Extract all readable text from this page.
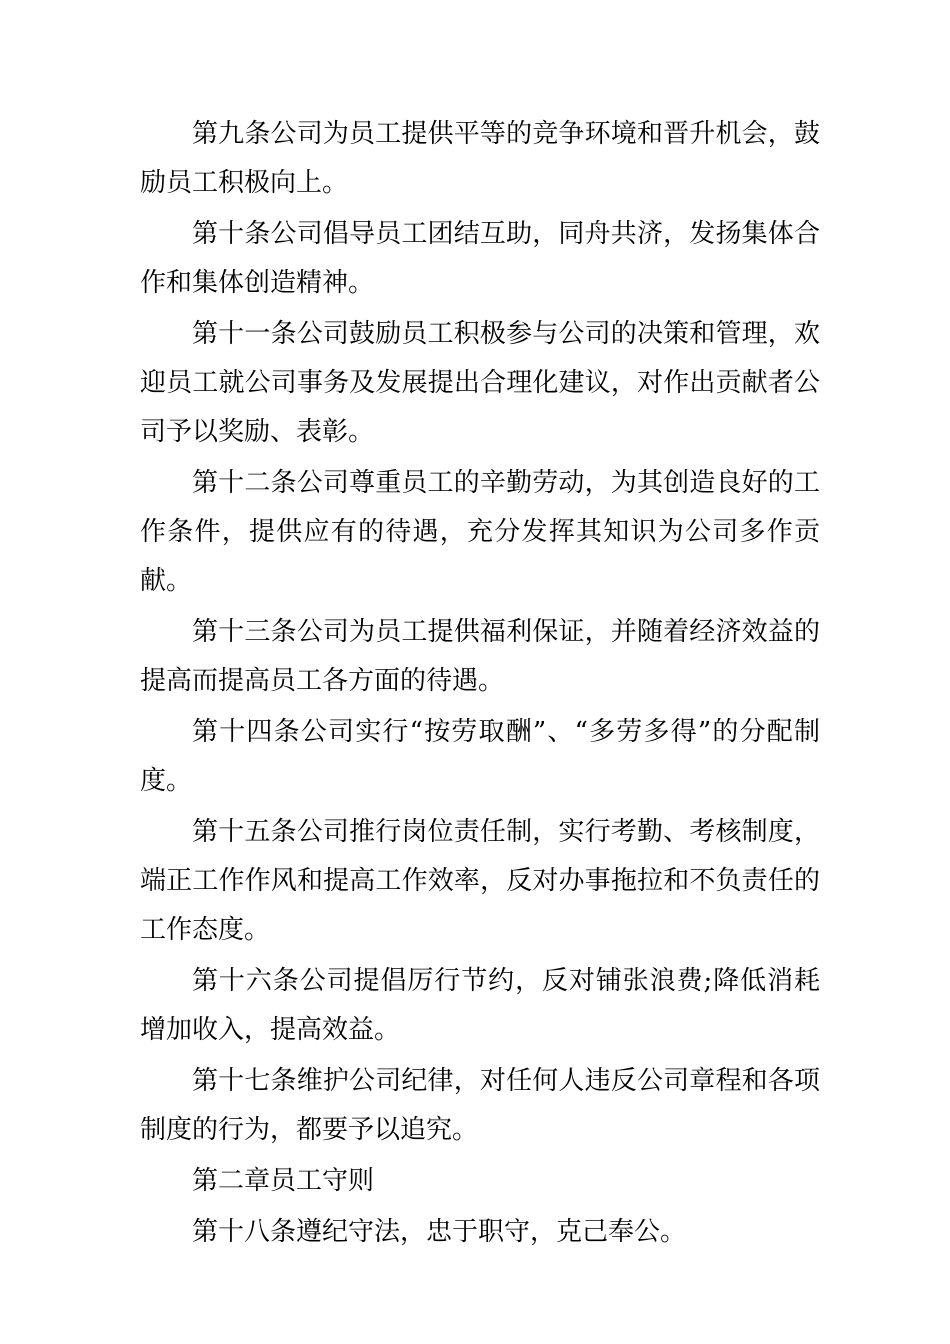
第九条公司为员工提供平等的竞争环境和晋升机会，鼓励员工积极向上。

第十条公司倡导员工团结互助，同舟共济，发扬集体合作和集体创造精神。

第十一条公司鼓励员工积极参与公司的决策和管理，欢迎员工就公司事务及发展提出合理化建议，对作出贡献者公司予以奖励、表彰。

第十二条公司尊重员工的辛勤劳动，为其创造良好的工作条件，提供应有的待遇，充分发挥其知识为公司多作贡献。

第十三条公司为员工提供福利保证，并随着经济效益的提高而提高员工各方面的待遇。

第十四条公司实行“按劳取酬”、“多劳多得”的分配制度。

第十五条公司推行岗位责任制，实行考勤、考核制度，端正工作作风和提高工作效率，反对办事拖拉和不负责任的工作态度。

第十六条公司提倡厉行节约，反对铺张浪费;降低消耗增加收入，提高效益。

第十七条维护公司纪律，对任何人违反公司章程和各项制度的行为，都要予以追究。

第二章员工守则

第十八条遵纪守法，忠于职守，克己奉公。
